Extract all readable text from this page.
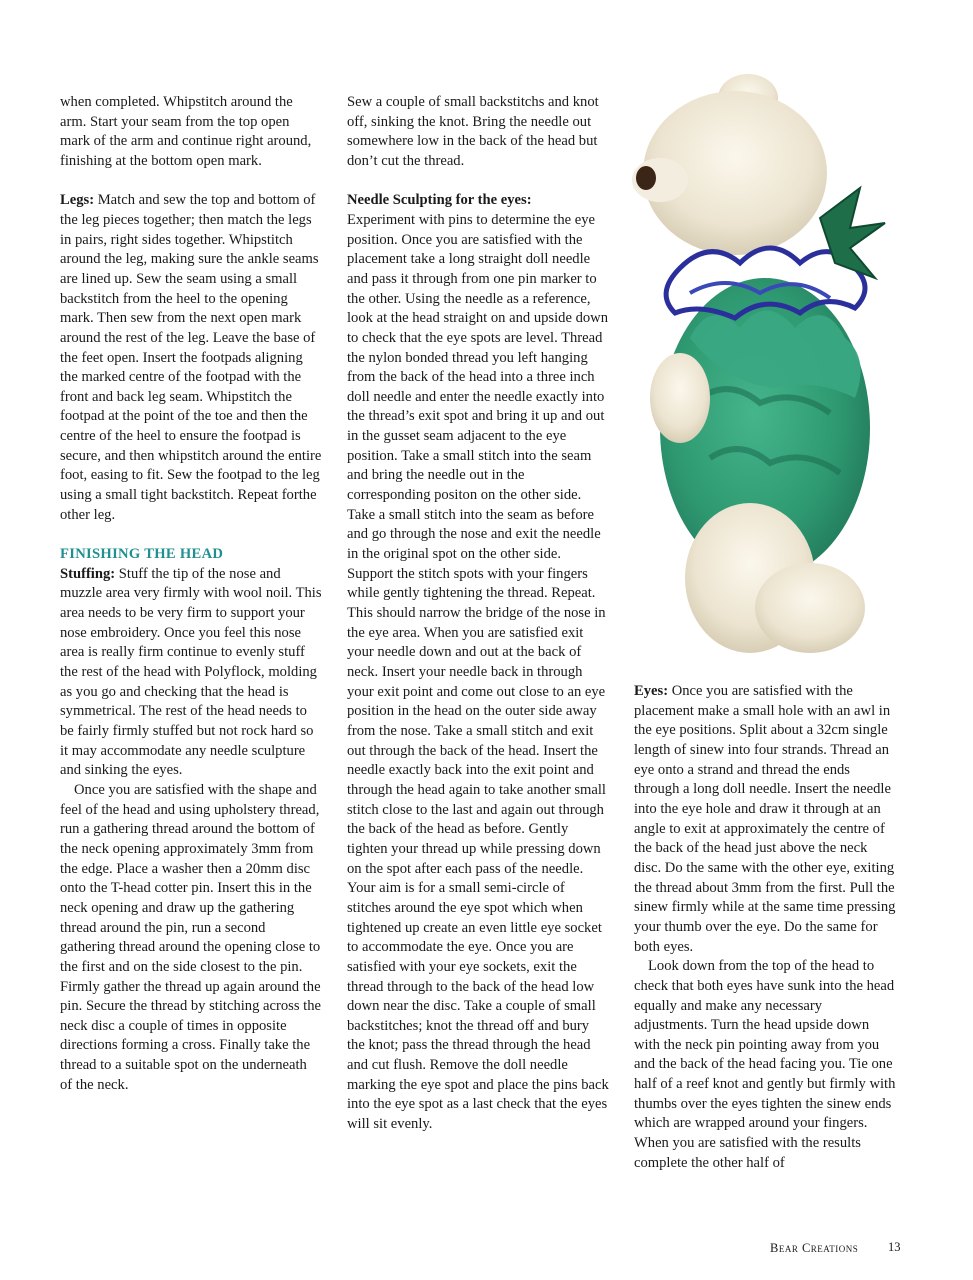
when completed. Whipstitch around the arm. Start your seam from the top open mark of the arm and continue right around, finishing at the bottom open mark.

Legs: Match and sew the top and bottom of the leg pieces together; then match the legs in pairs, right sides together. Whipstitch around the leg, making sure the ankle seams are lined up. Sew the seam using a small backstitch from the heel to the opening mark. Then sew from the next open mark around the rest of the leg. Leave the base of the feet open. Insert the footpads aligning the marked centre of the footpad with the front and back leg seam. Whipstitch the footpad at the point of the toe and then the centre of the heel to ensure the footpad is secure, and then whipstitch around the entire foot, easing to fit. Sew the footpad to the leg using a small tight backstitch. Repeat forthe other leg.

FINISHING THE HEAD

Stuffing: Stuff the tip of the nose and muzzle area very firmly with wool noil. This area needs to be very firm to support your nose embroidery. Once you feel this nose area is really firm continue to evenly stuff the rest of the head with Polyflock, molding as you go and checking that the head is symmetrical. The rest of the head needs to be fairly firmly stuffed but not rock hard so it may accommodate any needle sculpture and sinking the eyes.

Once you are satisfied with the shape and feel of the head and using upholstery thread, run a gathering thread around the bottom of the neck opening approximately 3mm from the edge. Place a washer then a 20mm disc onto the T-head cotter pin. Insert this in the neck opening and draw up the gathering thread around the pin, run a second gathering thread around the opening close to the first and on the side closest to the pin. Firmly gather the thread up again around the pin. Secure the thread by stitching across the neck disc a couple of times in opposite directions forming a cross. Finally take the thread to a suitable spot on the underneath of the neck.

Sew a couple of small backstitchs and knot off, sinking the knot. Bring the needle out somewhere low in the back of the head but don’t cut the thread.

Needle Sculpting for the eyes:

Experiment with pins to determine the eye position. Once you are satisfied with the placement take a long straight doll needle and pass it through from one pin marker to the other. Using the needle as a reference, look at the head straight on and upside down to check that the eye spots are level. Thread the nylon bonded thread you left hanging from the back of the head into a three inch doll needle and enter the needle exactly into the thread’s exit spot and bring it up and out in the gusset seam adjacent to the eye position. Take a small stitch into the seam and bring the needle out in the corresponding positon on the other side. Take a small stitch into the seam as before and go through the nose and exit the needle in the original spot on the other side. Support the stitch spots with your fingers while gently tightening the thread. Repeat. This should narrow the bridge of the nose in the eye area. When you are satisfied exit your needle down and out at the back of neck. Insert your needle back in through your exit point and come out close to an eye position in the head on the outer side away from the nose. Take a small stitch and exit out through the back of the head. Insert the needle exactly back into the exit point and through the head again to take another small stitch close to the last and again out through the back of the head as before. Gently tighten your thread up while pressing down on the spot after each pass of the needle. Your aim is for a small semi-circle of stitches around the eye spot which when tightened up create an even little eye socket to accommodate the eye. Once you are satisfied with your eye sockets, exit the thread through to the back of the head low down near the disc. Take a couple of small backstitches; knot the thread off and bury the knot; pass the thread through the head and cut flush. Remove the doll needle marking the eye spot and place the pins back into the eye spot as a last check that the eyes will sit evenly.

Eyes: Once you are satisfied with the placement make a small hole with an awl in the eye positions. Split about a 32cm single length of sinew into four strands. Thread an eye onto a strand and thread the ends through a long doll needle. Insert the needle into the eye hole and draw it through at an angle to exit at approximately the centre of the back of the head just above the neck disc. Do the same with the other eye, exiting the thread about 3mm from the first. Pull the sinew firmly while at the same time pressing your thumb over the eye. Do the same for both eyes.

Look down from the top of the head to check that both eyes have sunk into the head equally and make any necessary adjustments. Turn the head upside down with the neck pin pointing away from you and the back of the head facing you. Tie one half of a reef knot and gently but firmly with thumbs over the eyes tighten the sinew ends which are wrapped around your fingers. When you are satisfied with the results complete the other half of

Bear Creations 13
